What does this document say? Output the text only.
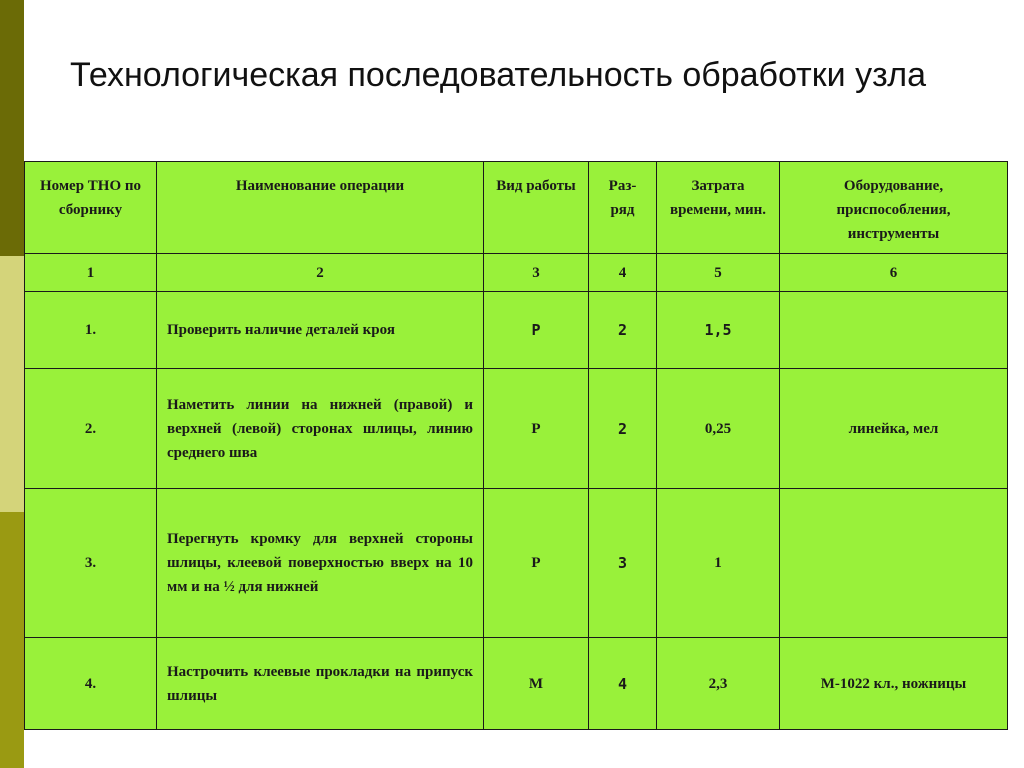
Технологическая последовательность обработки узла
Номер ТНО по сборнику	Наименование операции	Вид работы	Раз-ряд	Затрата времени, мин.	Оборудование, приспособления, инструменты
1	2	3	4	5	6
1.	Проверить наличие деталей кроя	Р	2	1,5	
2.	Наметить линии на нижней (правой) и верхней (левой) сторонах шлицы, линию среднего шва	Р	2	0,25	линейка, мел
3.	Перегнуть кромку для верхней стороны шлицы, клеевой поверхностью вверх на 10 мм и на ½ для нижней	Р	3	1	
4.	Настрочить клеевые прокладки на припуск шлицы	М	4	2,3	М-1022 кл., ножницы
